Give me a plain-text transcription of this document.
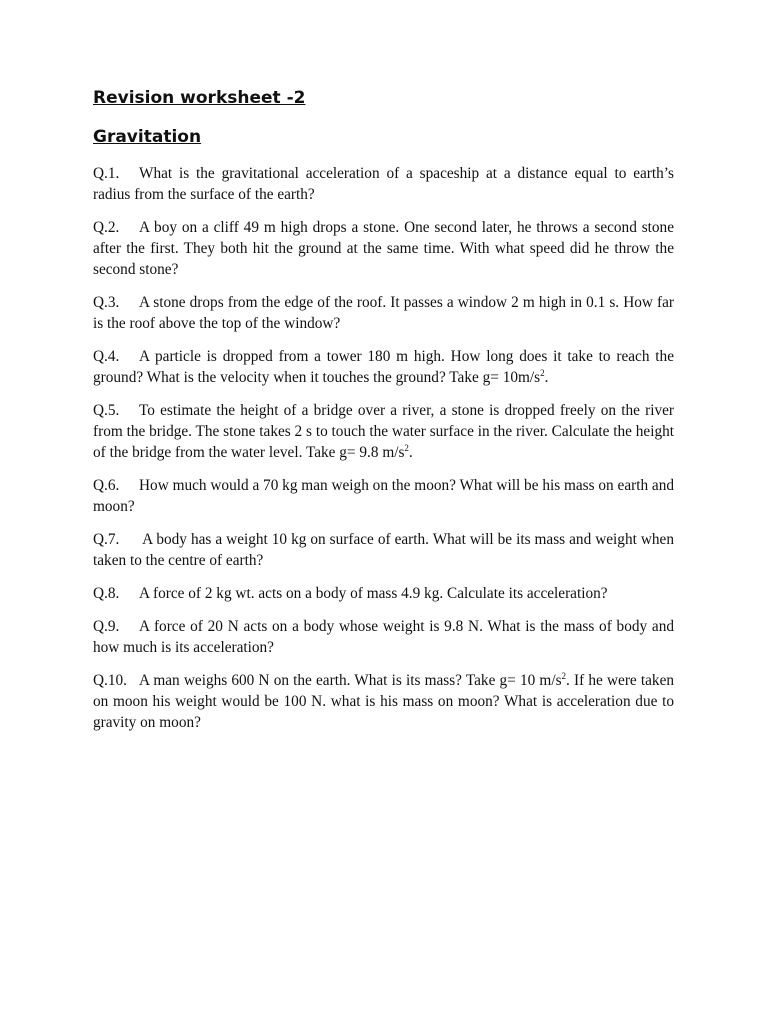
Revision worksheet -2
Gravitation

Q.1. What is the gravitational acceleration of a spaceship at a distance equal to earth’s radius from the surface of the earth?

Q.2. A boy on a cliff 49 m high drops a stone. One second later, he throws a second stone after the first. They both hit the ground at the same time. With what speed did he throw the second stone?

Q.3. A stone drops from the edge of the roof. It passes a window 2 m high in 0.1 s. How far is the roof above the top of the window?

Q.4. A particle is dropped from a tower 180 m high. How long does it take to reach the ground? What is the velocity when it touches the ground? Take $g= 10m/s^2$.

Q.5. To estimate the height of a bridge over a river, a stone is dropped freely on the river from the bridge. The stone takes 2 s to touch the water surface in the river. Calculate the height of the bridge from the water level. Take g= 9.8 $m/s^2$.

Q.6. How much would a 70 kg man weigh on the moon? What will be his mass on earth and moon?

Q.7. A body has a weight 10 kg on surface of earth. What will be its mass and weight when taken to the centre of earth?

Q.8. A force of 2 kg wt. acts on a body of mass 4.9 kg. Calculate its acceleration?

Q.9. A force of 20 N acts on a body whose weight is 9.8 N. What is the mass of body and how much is its acceleration?

Q.10. A man weighs 600 N on the earth. What is its mass? Take g= 10 $m/s^2$. If he were taken on moon his weight would be 100 N. what is his mass on moon? What is acceleration due to gravity on moon?
